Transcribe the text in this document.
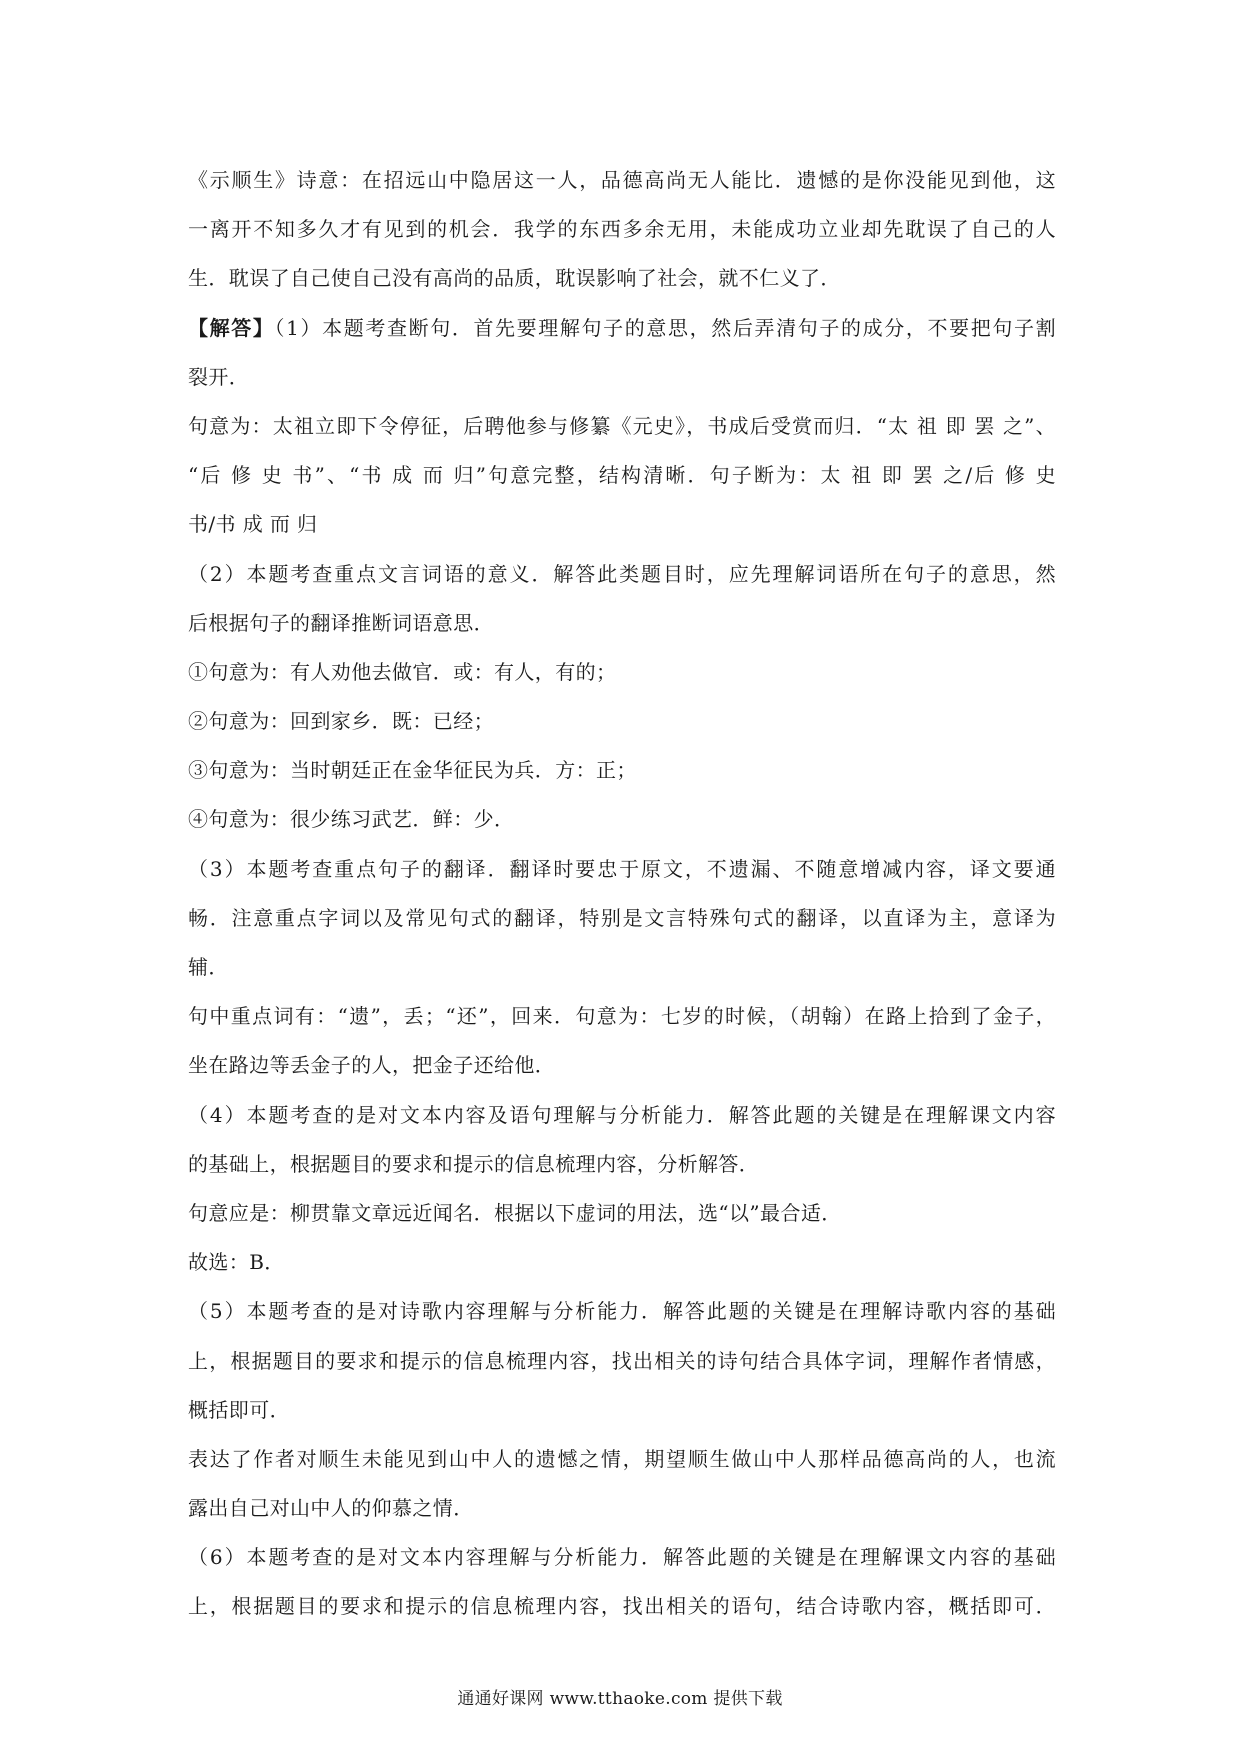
《示顺生》诗意：在招远山中隐居这一人，品德高尚无人能比．遗憾的是你没能见到他，这
一离开不知多久才有见到的机会．我学的东西多余无用，未能成功立业却先耽误了自己的人
生．耽误了自己使自己没有高尚的品质，耽误影响了社会，就不仁义了．
【解答】（1）本题考查断句．首先要理解句子的意思，然后弄清句子的成分，不要把句子割
裂开．
句意为：太祖立即下令停征，后聘他参与修纂《元史》，书成后受赏而归．“太 祖 即 罢 之”、
“后 修 史 书”、“书 成 而 归”句意完整，结构清晰．句子断为：太 祖 即 罢 之/后 修 史
书/书 成 而 归
（2）本题考查重点文言词语的意义．解答此类题目时，应先理解词语所在句子的意思，然
后根据句子的翻译推断词语意思．
①句意为：有人劝他去做官．或：有人，有的；
②句意为：回到家乡．既：已经；
③句意为：当时朝廷正在金华征民为兵．方：正；
④句意为：很少练习武艺．鲜：少．
（3）本题考查重点句子的翻译．翻译时要忠于原文，不遗漏、不随意增减内容，译文要通
畅．注意重点字词以及常见句式的翻译，特别是文言特殊句式的翻译，以直译为主，意译为
辅．
句中重点词有：“遗”，丢；“还”，回来．句意为：七岁的时候，（胡翰）在路上拾到了金子，
坐在路边等丢金子的人，把金子还给他．
（4）本题考查的是对文本内容及语句理解与分析能力．解答此题的关键是在理解课文内容
的基础上，根据题目的要求和提示的信息梳理内容，分析解答．
句意应是：柳贯靠文章远近闻名．根据以下虚词的用法，选“以”最合适．
故选：B．
（5）本题考查的是对诗歌内容理解与分析能力．解答此题的关键是在理解诗歌内容的基础
上，根据题目的要求和提示的信息梳理内容，找出相关的诗句结合具体字词，理解作者情感，
概括即可．
表达了作者对顺生未能见到山中人的遗憾之情，期望顺生做山中人那样品德高尚的人，也流
露出自己对山中人的仰慕之情．
（6）本题考查的是对文本内容理解与分析能力．解答此题的关键是在理解课文内容的基础
上，根据题目的要求和提示的信息梳理内容，找出相关的语句，结合诗歌内容，概括即可．
通通好课网 www.tthaoke.com 提供下载
